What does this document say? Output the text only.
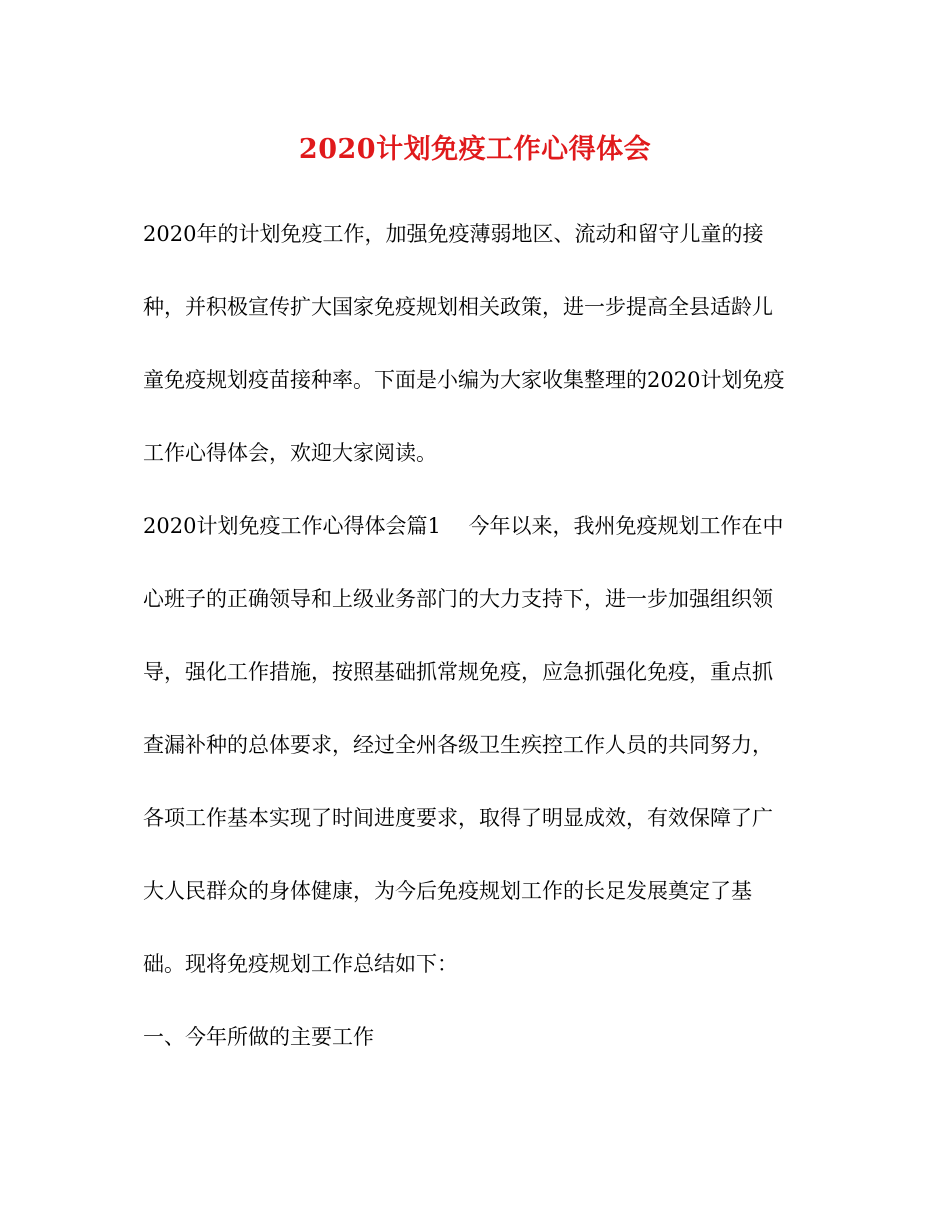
2020计划免疫工作心得体会
2020年的计划免疫工作，加强免疫薄弱地区、流动和留守儿童的接
种，并积极宣传扩大国家免疫规划相关政策，进一步提高全县适龄儿
童免疫规划疫苗接种率。下面是小编为大家收集整理的2020计划免疫
工作心得体会，欢迎大家阅读。
2020计划免疫工作心得体会篇1　 今年以来，我州免疫规划工作在中
心班子的正确领导和上级业务部门的大力支持下，进一步加强组织领
导，强化工作措施，按照基础抓常规免疫，应急抓强化免疫，重点抓
查漏补种的总体要求，经过全州各级卫生疾控工作人员的共同努力，
各项工作基本实现了时间进度要求，取得了明显成效，有效保障了广
大人民群众的身体健康，为今后免疫规划工作的长足发展奠定了基
础。现将免疫规划工作总结如下：
一、今年所做的主要工作
